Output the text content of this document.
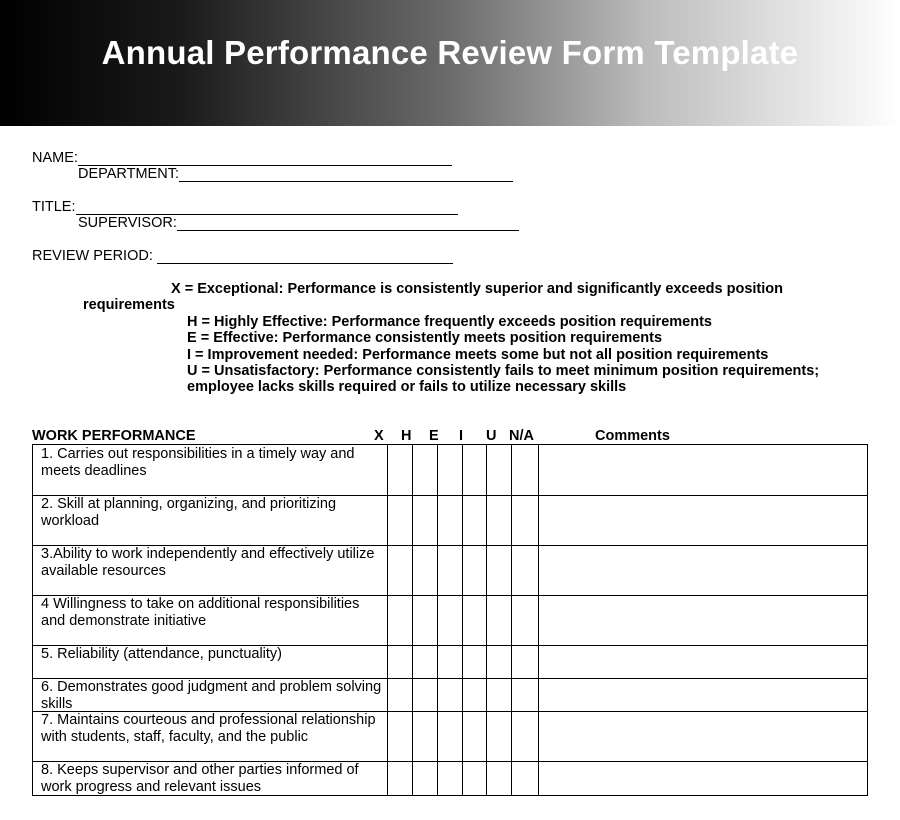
Annual Performance Review Form Template
NAME:
DEPARTMENT:
TITLE:
SUPERVISOR:
REVIEW PERIOD:
X = Exceptional: Performance is consistently superior and significantly exceeds position
requirements
H = Highly Effective: Performance frequently exceeds position requirements
E = Effective: Performance consistently meets position requirements
I = Improvement needed: Performance meets some but not all position requirements
U = Unsatisfactory: Performance consistently fails to meet minimum position requirements;
employee lacks skills required or fails to utilize necessary skills
WORK PERFORMANCE	X H E I U N/A	Comments
1. Carries out responsibilities in a timely way and meets deadlines
2. Skill at planning, organizing, and prioritizing workload
3.Ability to work independently and effectively utilize available resources
4 Willingness to take on additional responsibilities and demonstrate initiative
5. Reliability (attendance, punctuality)
6. Demonstrates good judgment and problem solving skills
7. Maintains courteous and professional relationship with students, staff, faculty, and the public
8. Keeps supervisor and other parties informed of work progress and relevant issues
